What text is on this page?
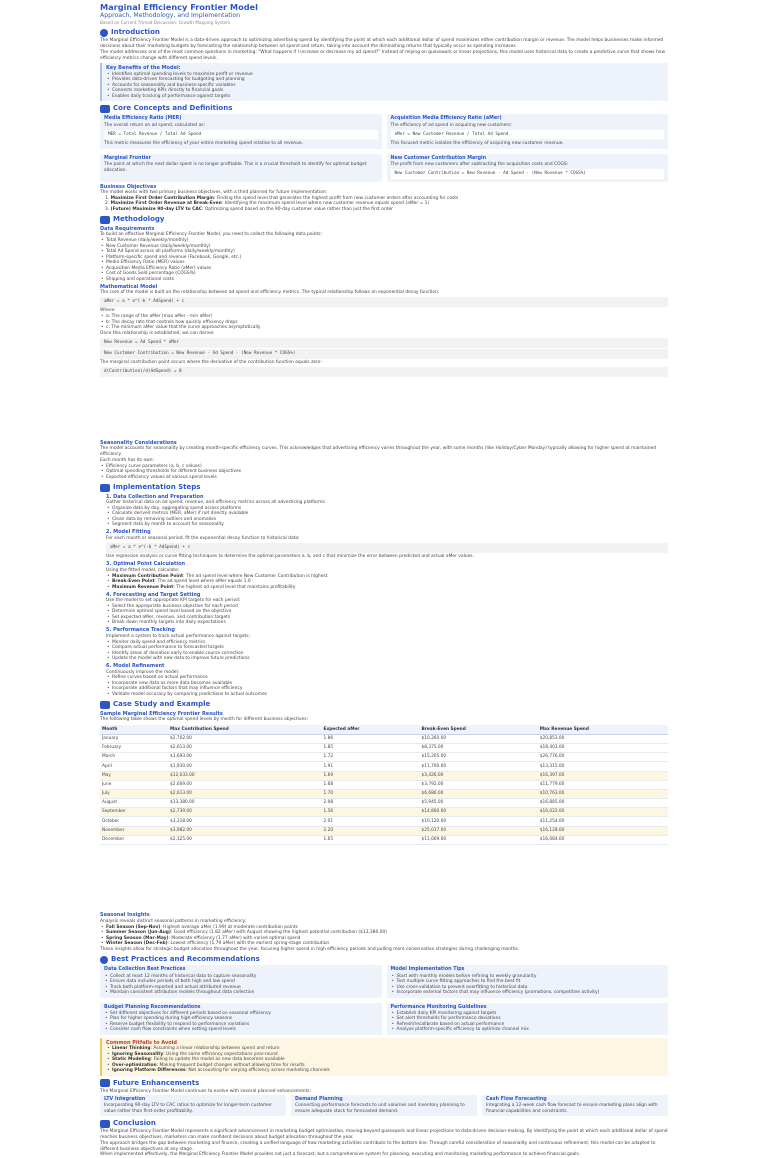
Marginal Efficiency Frontier Model
Approach, Methodology, and Implementation
Based on Current Thread Discussion: Growth Mapping System
Introduction

The Marginal Efficiency Frontier Model is a data-driven approach to optimizing advertising spend by identifying the point at which each additional dollar of spend maximizes either contribution margin or revenue. The model helps businesses make informed decisions about their marketing budgets by forecasting the relationship between ad spend and return, taking into account the diminishing returns that typically occur as spending increases.

The model addresses one of the most common questions in marketing: "What happens if I increase or decrease my ad spend?" Instead of relying on guesswork or linear projections, this model uses historical data to create a predictive curve that shows how efficiency metrics change with different spend levels.

Key Benefits of the Model:
• Identifies optimal spending levels to maximize profit or revenue
• Provides data-driven forecasting for budgeting and planning
• Accounts for seasonality and business-specific variables
• Connects marketing KPIs directly to financial goals
• Enables daily tracking of performance against targets
Core Concepts and Definitions
Media Efficiency Ratio (MER)

The overall return on ad spend, calculated as:

MER = Total Revenue / Total Ad Spend

This metric measures the efficiency of your entire marketing spend relative to all revenue.

Acquisition Media Efficiency Ratio (aMer)

The efficiency of ad spend in acquiring new customers:

aMer = New Customer Revenue / Total Ad Spend

This focused metric isolates the efficiency of acquiring new customer revenue.

Marginal Frontier

The point at which the next dollar spent is no longer profitable. This is a crucial threshold to identify for optimal budget allocation.

New Customer Contribution Margin

The profit from new customers after subtracting the acquisition costs and COGS:

New Customer Contribution = New Revenue - Ad Spend - (New Revenue * COGS%)
Business Objectives

The model works with two primary business objectives, with a third planned for future implementation:

1. Maximize First Order Contribution Margin: Finding the spend level that generates the highest profit from new customer orders after accounting for costs
2. Maximize First Order Revenue at Break-Even: Identifying the maximum spend level where new customer revenue equals spend (aMer = 1)
3. (Future) Maximize 90-day LTV to CAC: Optimizing spend based on the 90-day customer value rather than just the first order
Methodology
Data Requirements

To build an effective Marginal Efficiency Frontier Model, you need to collect the following data points:

• Total Revenue (daily/weekly/monthly)
• New Customer Revenue (daily/weekly/monthly)
• Total Ad Spend across all platforms (daily/weekly/monthly)
• Platform-specific spend and revenue (Facebook, Google, etc.)
• Media Efficiency Ratio (MER) values
• Acquisition Media Efficiency Ratio (aMer) values
• Cost of Goods Sold percentage (COGS%)
• Shipping and operational costs
Mathematical Model

The core of the model is built on the relationship between ad spend and efficiency metrics. The typical relationship follows an exponential decay function:

aMer = a * e^(-b * AdSpend) + c

Where:

• a: The range of the aMer (max aMer - min aMer)
• b: The decay rate that controls how quickly efficiency drops
• c: The minimum aMer value that the curve approaches asymptotically

Once this relationship is established, we can derive:

New Revenue = Ad Spend * aMer
New Customer Contribution = New Revenue - Ad Spend - (New Revenue * COGS%)

The marginal contribution point occurs where the derivative of the contribution function equals zero:

d(Contribution)/d(AdSpend) = 0
Seasonality Considerations

The model accounts for seasonality by creating month-specific efficiency curves. This acknowledges that advertising efficiency varies throughout the year, with some months (like Holiday/Cyber Monday) typically allowing for higher spend at maintained efficiency.

Each month has its own:

• Efficiency curve parameters (a, b, c values)
• Optimal spending thresholds for different business objectives
• Expected efficiency values at various spend levels
Implementation Steps
1. Data Collection and Preparation

Gather historical data on ad spend, revenue, and efficiency metrics across all advertising platforms.

• Organize data by day, aggregating spend across platforms
• Calculate derived metrics (MER, aMer) if not directly available
• Clean data by removing outliers and anomalies
• Segment data by month to account for seasonality
2. Model Fitting

For each month or seasonal period, fit the exponential decay function to historical data:

aMer = a * e^(-b * AdSpend) + c

Use regression analysis or curve fitting techniques to determine the optimal parameters a, b, and c that minimize the error between predicted and actual aMer values.

3. Optimal Point Calculation

Using the fitted model, calculate:

• Maximum Contribution Point: The ad spend level where New Customer Contribution is highest
• Break-Even Point: The ad spend level where aMer equals 1.0
• Maximum Revenue Point: The highest ad spend level that maintains profitability
4. Forecasting and Target Setting

Use the model to set appropriate KPI targets for each period:

• Select the appropriate business objective for each period
• Determine optimal spend level based on the objective
• Set expected aMer, revenue, and contribution targets
• Break down monthly targets into daily expectations
5. Performance Tracking

Implement a system to track actual performance against targets:

• Monitor daily spend and efficiency metrics
• Compare actual performance to forecasted targets
• Identify areas of deviation early to enable course correction
• Update the model with new data to improve future predictions
6. Model Refinement

Continuously improve the model:

• Refine curves based on actual performance
• Incorporate new data as more data becomes available
• Incorporate additional factors that may influence efficiency
• Validate model accuracy by comparing predictions to actual outcomes
Case Study and Example
Sample Marginal Efficiency Frontier Results

The following table shows the optimal spend levels by month for different business objectives:

Month	Max Contribution Spend	Expected aMer	Break-Even Spend	Max Revenue Spend
January	$2,702.00	1.86	$10,260.00	$20,853.00
February	$2,613.00	1.85	$8,375.00	$18,403.00
March	$3,693.00	1.72	$15,205.00	$26,776.00
April	$1,930.00	1.91	$11,700.00	$13,315.00
May	$12,033.00	1.69	$3,426.00	$16,397.00
June	$2,609.00	1.68	$3,792.00	$11,779.00
July	$2,613.00	1.70	$6,686.00	$10,763.00
August	$13,380.00	2.08	$5,945.00	$16,885.00
September	$2,739.00	1.56	$14,800.00	$16,022.00
October	$3,318.00	2.01	$10,120.00	$11,254.00
November	$3,982.00	2.20	$25,017.00	$16,128.00
December	$2,125.00	1.65	$11,669.00	$16,084.00
Seasonal Insights

Analysis reveals distinct seasonal patterns in marketing efficiency:

• Fall Season (Sep-Nov): Highest average aMer (1.99) at moderate contribution points
• Summer Season (Jun-Aug): Good efficiency (1.82 aMer) with August showing the highest potential contribution ($13,380.00)
• Spring Season (Mar-May): Moderate efficiency (1.77 aMer) with varied optimal spend
• Winter Season (Dec-Feb): Lowest efficiency (1.79 aMer) with the earliest spring-stage contribution

These insights allow for strategic budget allocation throughout the year, focusing higher spend in high efficiency periods and pulling more conservative strategies during challenging months.

Best Practices and Recommendations
Data Collection Best Practices
• Collect at least 12 months of historical data to capture seasonality
• Ensure data includes periods of both high and low spend
• Track both platform-reported and actual attributed revenue
• Maintain consistent attribution models throughout data collection
Model Implementation Tips
• Start with monthly models before refining to weekly granularity
• Test multiple curve fitting approaches to find the best fit
• Use cross-validation to prevent overfitting to historical data
• Incorporate external factors that may influence efficiency (promotions, competitive activity)
Budget Planning Recommendations
• Set different objectives for different periods based on seasonal efficiency
• Plan for higher spending during high-efficiency seasons
• Reserve budget flexibility to respond to performance variations
• Consider cash flow constraints when setting spend levels
Performance Monitoring Guidelines
• Establish daily KPI monitoring against targets
• Set alert thresholds for performance deviations
• Refresh/recalibrate based on actual performance
• Analyze platform-specific efficiency to optimize channel mix
Common Pitfalls to Avoid
• Linear Thinking: Assuming a linear relationship between spend and return
• Ignoring Seasonality: Using the same efficiency expectations year-round
• Static Modeling: Failing to update the model as new data becomes available
• Over-optimization: Making frequent budget changes without allowing time for results
• Ignoring Platform Differences: Not accounting for varying efficiency across marketing channels
Future Enhancements

The Marginal Efficiency Frontier Model continues to evolve with several planned enhancements:

LTV Integration

Incorporating 90-day LTV to CAC ratios to optimize for longer-term customer value rather than first-order profitability.

Demand Planning

Connecting performance forecasts to unit volumes and inventory planning to ensure adequate stock for forecasted demand.

Cash Flow Forecasting

Integrating a 12-week cash flow forecast to ensure marketing plans align with financial capabilities and constraints.

Conclusion

The Marginal Efficiency Frontier Model represents a significant advancement in marketing budget optimization, moving beyond guesswork and linear projections to data-driven decision-making. By identifying the point at which each additional dollar of spend reaches business objectives, marketers can make confident decisions about budget allocation throughout the year.

The approach bridges the gap between marketing and finance, creating a unified language of how marketing activities contribute to the bottom line. Through careful consideration of seasonality and continuous refinement, this model can be adapted to different business objectives at any stage.

When implemented effectively, the Marginal Efficiency Frontier Model provides not just a forecast, but a comprehensive system for planning, executing and monitoring marketing performance to achieve financial goals.
